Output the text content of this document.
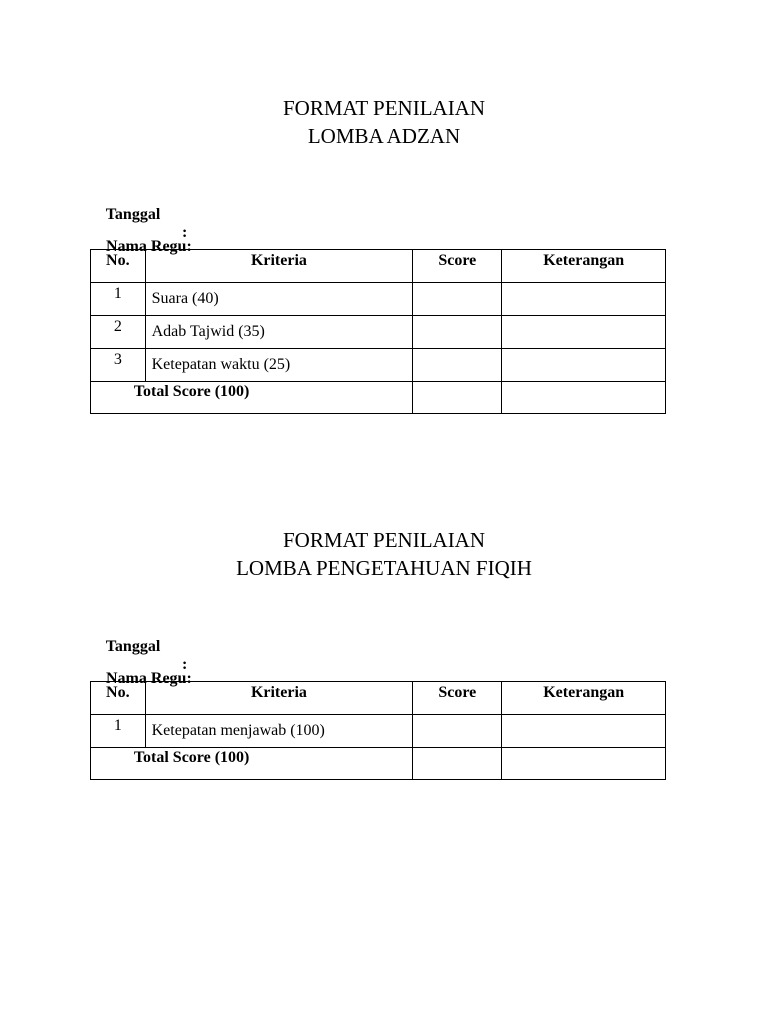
FORMAT PENILAIAN
LOMBA ADZAN

Tanggal

:

Nama Regu:

No.	Kriteria	Score	Keterangan
1	Suara (40)		
2	Adab Tajwid (35)		
3	Ketepatan waktu (25)		
Total Score (100)			
FORMAT PENILAIAN
LOMBA PENGETAHUAN FIQIH

Tanggal

:

Nama Regu:

No.	Kriteria	Score	Keterangan
1	Ketepatan menjawab (100)		
Total Score (100)			
